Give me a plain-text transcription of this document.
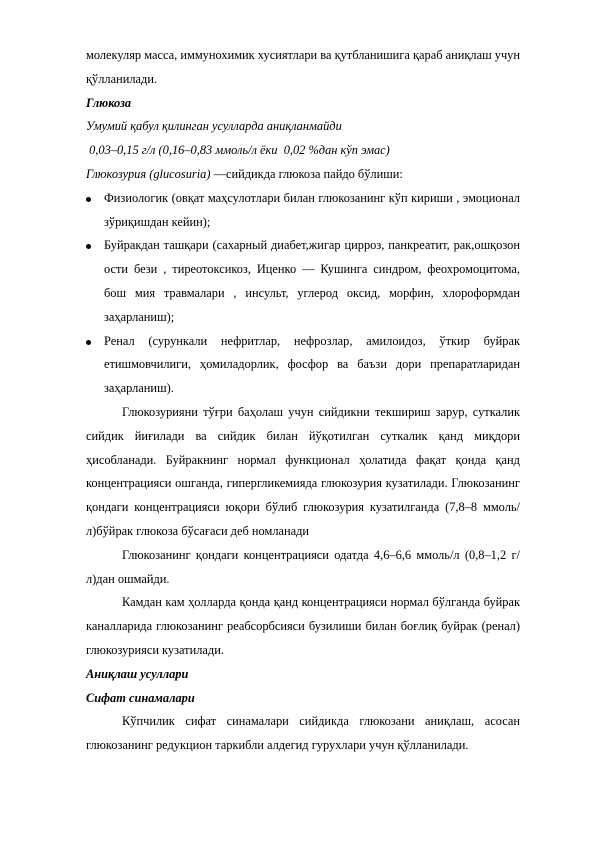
молекуляр масса, иммунохимик хусиятлари ва қутбланишига қараб аниқлаш учун қўлланилади.

Глюкоза

Умумий қабул қилинган усулларда аниқланмайди

0,03–0,15 г/л (0,16–0,83 ммоль/л ёки  0,02 %дан кўп эмас)

Глюкозурия (glucosuria) —сийдикда глюкоза пайдо бўлиши:

Физиологик (овқат маҳсулотлари билан глюкозанинг кўп кириши , эмоционал зўриқишдан кейин);
Буйракдан ташқари (сахарный диабет,жигар цирроз, панкреатит, рак,ошқозон ости бези , тиреотоксикоз, Иценко — Кушинга синдром, феохромоцитома, бош мия травмалари , инсульт, углерод оксид, морфин, хлороформдан заҳарланиш);
Ренал (сурункали нефритлар, нефрозлар, амилоидоз, ўткир буйрак етишмовчилиги, ҳомиладорлик, фосфор ва баъзи дори препаратларидан заҳарланиш).

Глюкозурияни тўғри баҳолаш учун сийдикни текшириш зарур, суткалик сийдик йиғилади ва сийдик билан йўқотилган суткалик қанд миқдори ҳисобланади. Буйракнинг нормал функционал ҳолатида фақат қонда қанд концентрацияси ошганда, гипергликемияда глюкозурия кузатилади. Глюкозанинг қондаги концентрацияси юқори бўлиб глюкозурия кузатилганда (7,8–8 ммоль/л)бўйрак глюкоза бўсағаси деб номланади

Глюкозанинг қондаги концентрацияси одатда 4,6–6,6 ммоль/л (0,8–1,2 г/л)дан ошмайди.

Камдан кам ҳолларда қонда қанд концентрацияси нормал бўлганда буйрак каналларида глюкозанинг реабсорбсияси бузилиши билан боғлиқ буйрак (ренал) глюкозурияси кузатилади.

Аниқлаш усуллари

Сифат синамалари

Кўпчилик сифат синамалари сийдикда глюкозани аниқлаш, асосан глюкозанинг редукцион таркибли алдегид гурухлари учун қўлланилади.
